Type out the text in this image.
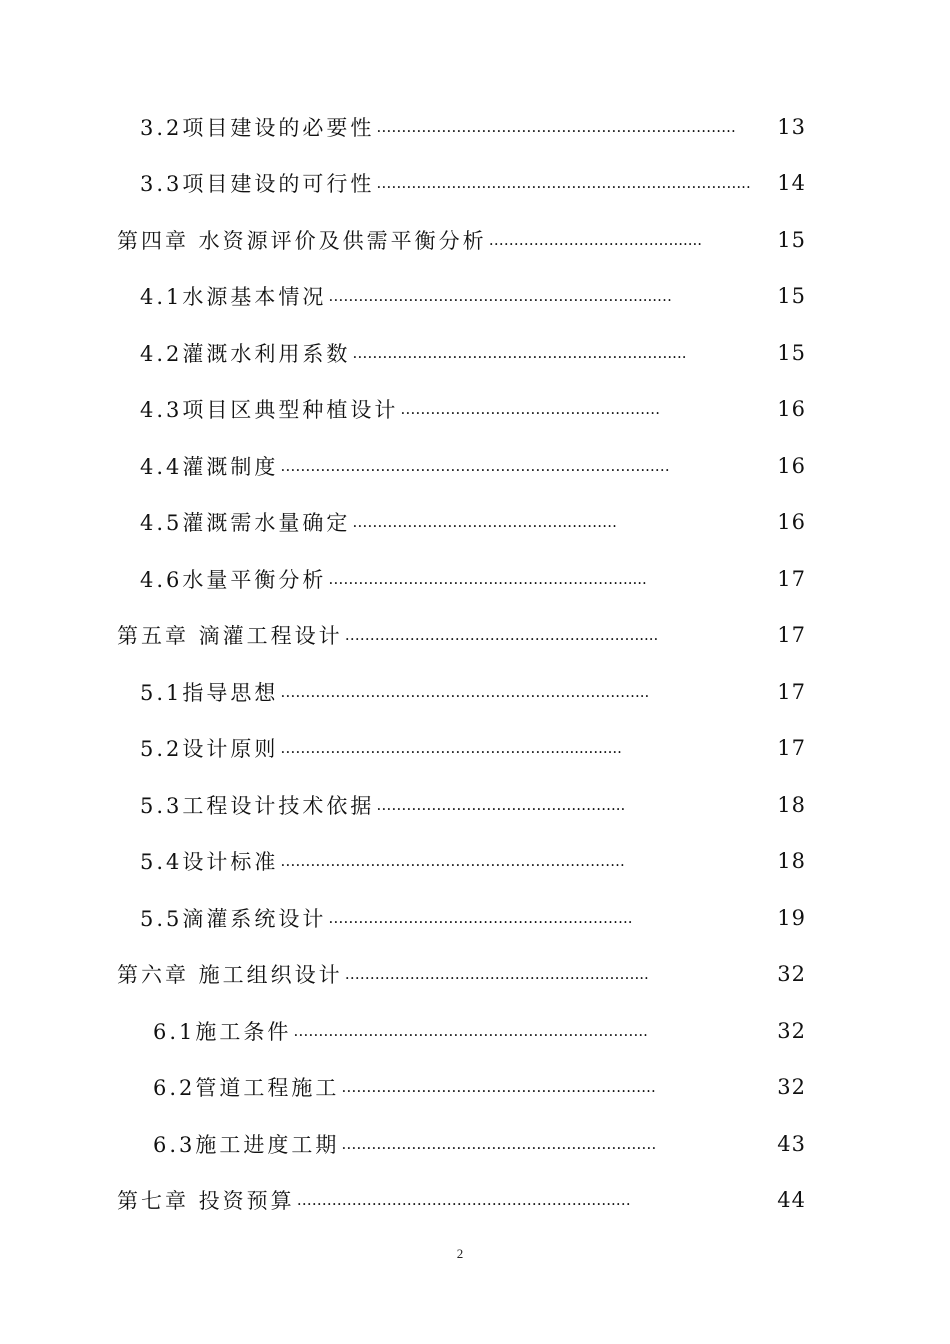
3.2项目建设的必要性 …………………………………………………….………..	13
3.3项目建设的可行性 ………………………………………………………………...	14
第四章 水资源评价及供需平衡分析 …………………………….…......	15
4.1水源基本情况 ……………………………………………………......…	15
4.2灌溉水利用系数 ………………………………………………………....	15
4.3项目区典型种植设计 …………………………………….………	16
4.4灌溉制度 ………………………………………………………………...…	16
4.5灌溉需水量确定 …………………………………….……….	16
4.6水量平衡分析 …………………………….……………………......	17
第五章 滴灌工程设计 ……………………………………………….….....	17
5.1指导思想 ………………………………………………………….…....	17
5.2设计原则 ………………………………………………...............	17
5.3工程设计技术依据 ………………………………….……....	18
5.4设计标准 ………………………………………………….………..	18
5.5滴灌系统设计 ……………………….………………….………..	19
第六章 施工组织设计 …………………………………………….……...	32
6.1施工条件 ……………………………………………………………..	32
6.2管道工程施工 ……………………………………….……………..	32
6.3施工进度工期 ………………………………………………………	43
第七章 投资预算 …………………………………………………..…..…	44
2
